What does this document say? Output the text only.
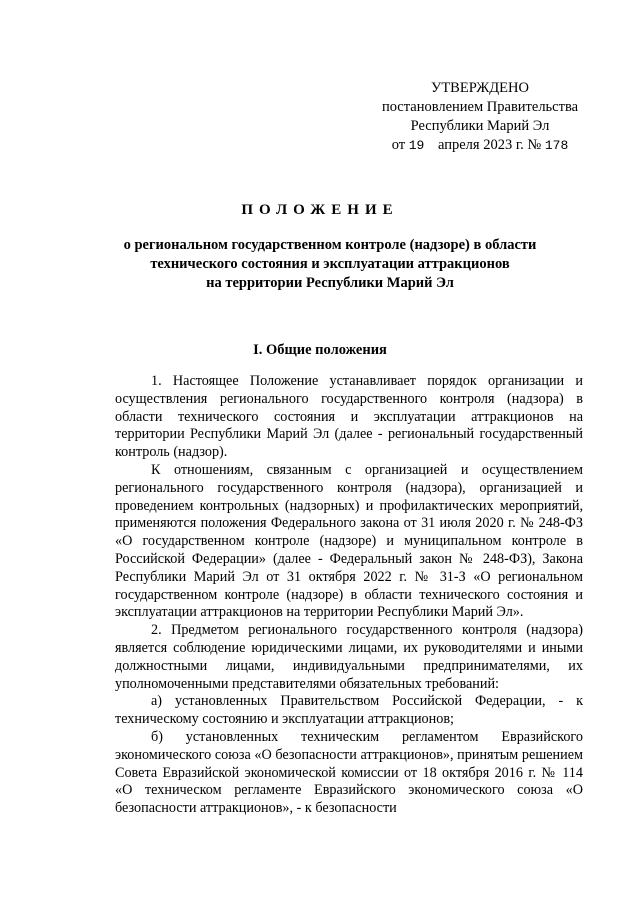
УТВЕРЖДЕНО
постановлением Правительства
Республики Марий Эл
от 19 апреля 2023 г. № 178
ПОЛОЖЕНИЕ
о региональном государственном контроле (надзоре) в области
технического состояния и эксплуатации аттракционов
на территории Республики Марий Эл
I. Общие положения

1. Настоящее Положение устанавливает порядок организации и осуществления регионального государственного контроля (надзора) в области технического состояния и эксплуатации аттракционов на территории Республики Марий Эл (далее - региональный государственный контроль (надзор).

К отношениям, связанным с организацией и осуществлением регионального государственного контроля (надзора), организацией и проведением контрольных (надзорных) и профилактических мероприятий, применяются положения Федерального закона от 31 июля 2020 г. № 248-ФЗ «О государственном контроле (надзоре) и муниципальном контроле в Российской Федерации» (далее - Федеральный закон № 248-ФЗ), Закона Республики Марий Эл от 31 октября 2022 г. № 31-З «О региональном государственном контроле (надзоре) в области технического состояния и эксплуатации аттракционов на территории Республики Марий Эл».

2. Предметом регионального государственного контроля (надзора) является соблюдение юридическими лицами, их руководителями и иными должностными лицами, индивидуальными предпринимателями, их уполномоченными представителями обязательных требований:

а) установленных Правительством Российской Федерации, - к техническому состоянию и эксплуатации аттракционов;

б) установленных техническим регламентом Евразийского экономического союза «О безопасности аттракционов», принятым решением Совета Евразийской экономической комиссии от 18 октября 2016 г. № 114 «О техническом регламенте Евразийского экономического союза «О безопасности аттракционов», - к безопасности
